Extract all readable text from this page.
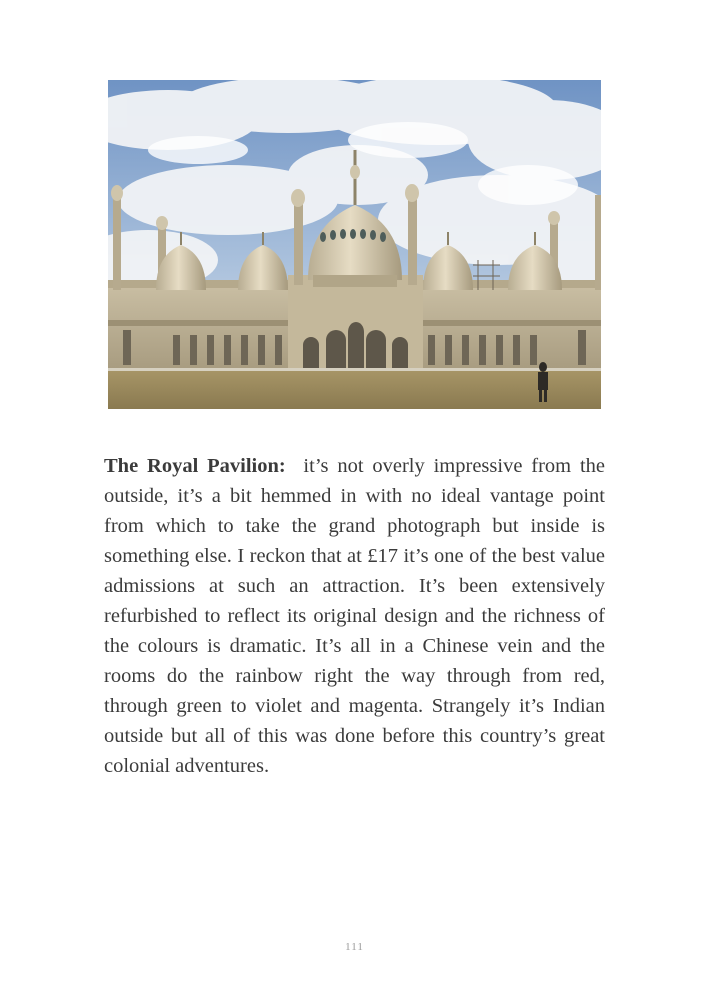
The Royal Pavilion: it’s not overly impressive from the outside, it’s a bit hemmed in with no ideal vantage point from which to take the grand photograph but inside is something else. I reckon that at £17 it’s one of the best value admissions at such an attraction. It’s been extensively refurbished to reflect its original design and the richness of the colours is dramatic. It’s all in a Chinese vein and the rooms do the rainbow right the way through from red, through green to violet and magenta. Strangely it’s Indian outside but all of this was done before this country’s great colonial adventures.
111
